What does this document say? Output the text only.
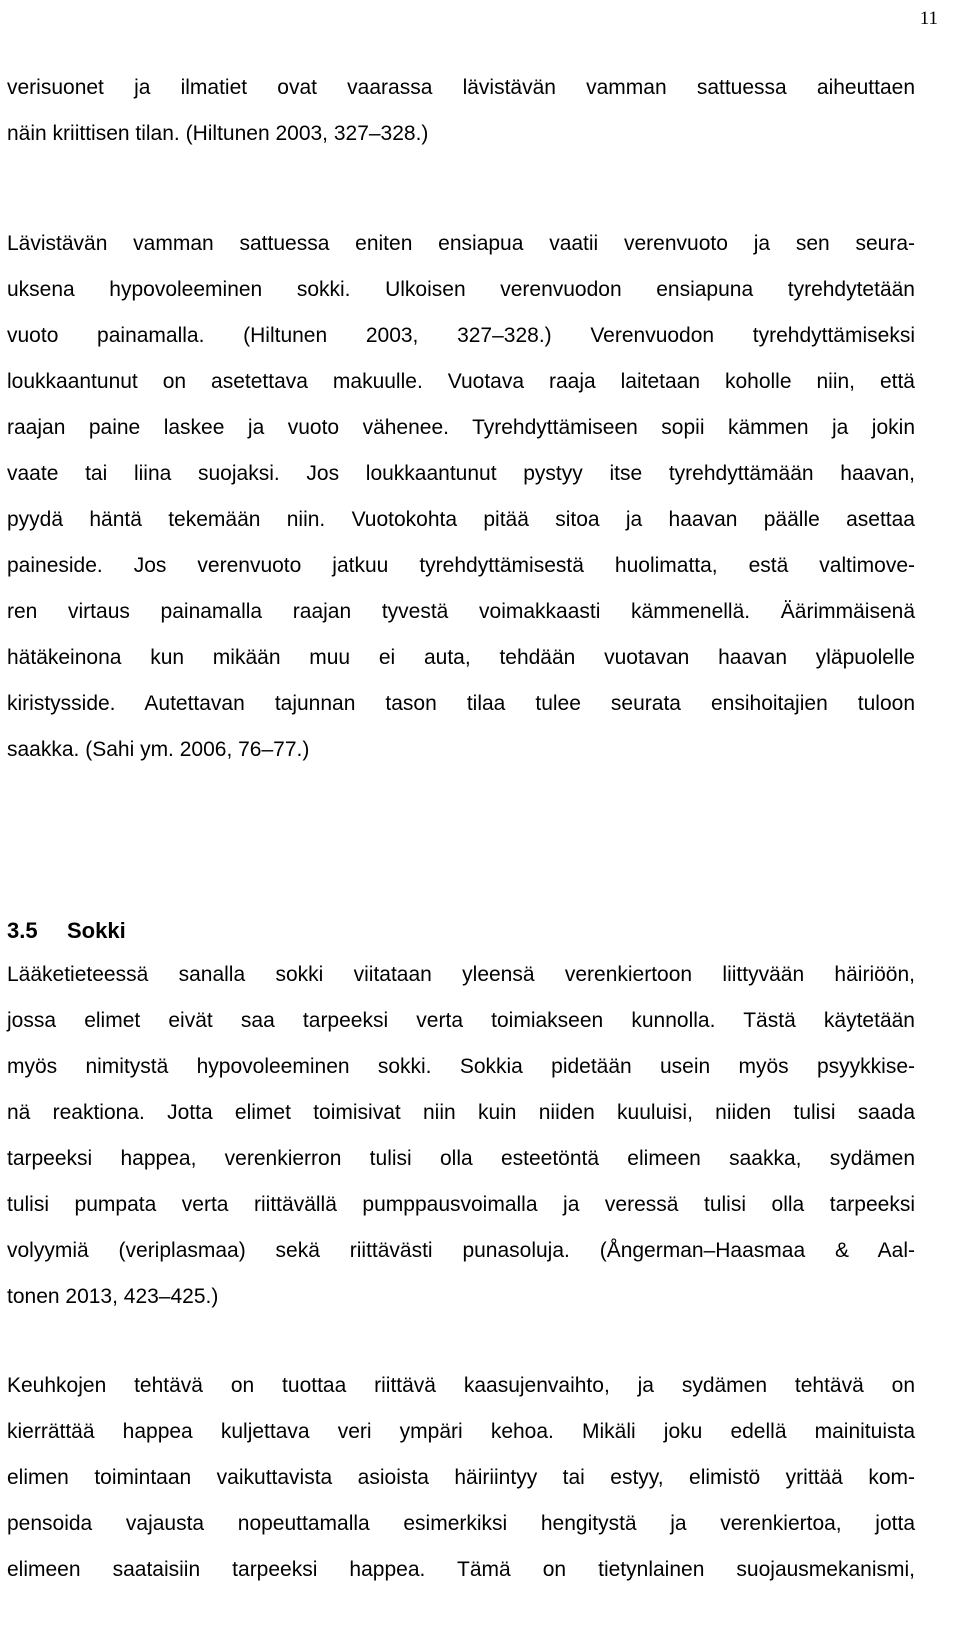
11
verisuonet ja ilmatiet ovat vaarassa lävistävän vamman sattuessa aiheuttaen
näin kriittisen tilan. (Hiltunen 2003, 327–328.)
Lävistävän vamman sattuessa eniten ensiapua vaatii verenvuoto ja sen seura-
uksena hypovoleeminen sokki. Ulkoisen verenvuodon ensiapuna tyrehdytetään
vuoto painamalla. (Hiltunen 2003, 327–328.) Verenvuodon tyrehdyttämiseksi
loukkaantunut on asetettava makuulle. Vuotava raaja laitetaan koholle niin, että
raajan paine laskee ja vuoto vähenee. Tyrehdyttämiseen sopii kämmen ja jokin
vaate tai liina suojaksi. Jos loukkaantunut pystyy itse tyrehdyttämään haavan,
pyydä häntä tekemään niin. Vuotokohta pitää sitoa ja haavan päälle asettaa
paineside. Jos verenvuoto jatkuu tyrehdyttämisestä huolimatta, estä valtimove-
ren virtaus painamalla raajan tyvestä voimakkaasti kämmenellä. Äärimmäisenä
hätäkeinona kun mikään muu ei auta, tehdään vuotavan haavan yläpuolelle
kiristysside. Autettavan tajunnan tason tilaa tulee seurata ensihoitajien tuloon
saakka. (Sahi ym. 2006, 76–77.)
3.5 Sokki
Lääketieteessä sanalla sokki viitataan yleensä verenkiertoon liittyvään häiriöön,
jossa elimet eivät saa tarpeeksi verta toimiakseen kunnolla. Tästä käytetään
myös nimitystä hypovoleeminen sokki. Sokkia pidetään usein myös psyykkise-
nä reaktiona. Jotta elimet toimisivat niin kuin niiden kuuluisi, niiden tulisi saada
tarpeeksi happea, verenkierron tulisi olla esteetöntä elimeen saakka, sydämen
tulisi pumpata verta riittävällä pumppausvoimalla ja veressä tulisi olla tarpeeksi
volyymiä (veriplasmaa) sekä riittävästi punasoluja. (Ångerman–Haasmaa & Aal-
tonen 2013, 423–425.)
Keuhkojen tehtävä on tuottaa riittävä kaasujenvaihto, ja sydämen tehtävä on
kierrättää happea kuljettava veri ympäri kehoa. Mikäli joku edellä mainituista
elimen toimintaan vaikuttavista asioista häiriintyy tai estyy, elimistö yrittää kom-
pensoida vajausta nopeuttamalla esimerkiksi hengitystä ja verenkiertoa, jotta
elimeen saataisiin tarpeeksi happea. Tämä on tietynlainen suojausmekanismi,
